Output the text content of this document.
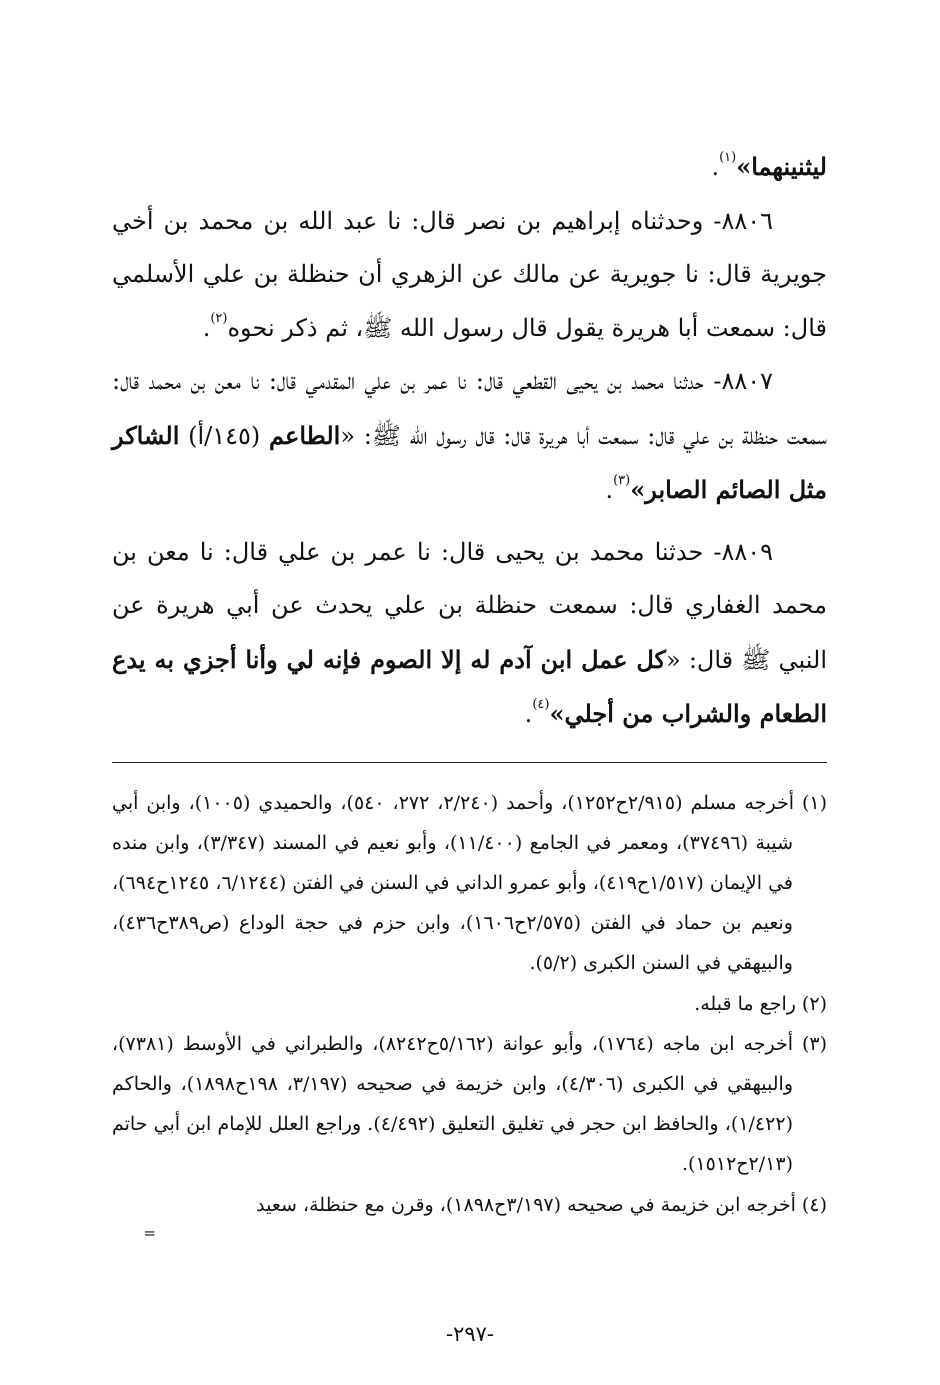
ليثنينهما»$^{(١)}$.

٨٨٠٦- وحدثناه إبراهيم بن نصر قال: نا عبد الله بن محمد بن أخي جويرية قال: نا جويرية عن مالك عن الزهري أن حنظلة بن علي الأسلمي قال: سمعت أبا هريرة يقول قال رسول الله ﷺ، ثم ذكر نحوه$^{(٢)}$.

٨٨٠٧- حدثنا محمد بن يحيى القطعي قال: نا عمر بن علي المقدمي قال: نا معن بن محمد قال: سمعت حنظلة بن علي قال: سمعت أبا هريرة قال: قال رسول الله ﷺ: «الطاعم (١٤٥/أ) الشاكر مثل الصائم الصابر»$^{(٣)}$.

٨٨٠٩- حدثنا محمد بن يحيى قال: نا عمر بن علي قال: نا معن بن محمد الغفاري قال: سمعت حنظلة بن علي يحدث عن أبي هريرة عن النبي ﷺ قال: «كل عمل ابن آدم له إلا الصوم فإنه لي وأنا أجزي به يدع الطعام والشراب من أجلي»$^{(٤)}$.

(١) أخرجه مسلم (٢/٩١٥ح١٢٥٢)، وأحمد (٢/٢٤٠، ٢٧٢، ٥٤٠)، والحميدي (١٠٠٥)، وابن أبي شيبة (٣٧٤٩٦)، ومعمر في الجامع (١١/٤٠٠)، وأبو نعيم في المسند (٣/٣٤٧)، وابن منده في الإيمان (١/٥١٧ح٤١٩)، وأبو عمرو الداني في السنن في الفتن (٦/١٢٤٤، ١٢٤٥ح٦٩٤)، ونعيم بن حماد في الفتن (٢/٥٧٥ح١٦٠٦)، وابن حزم في حجة الوداع (ص٣٨٩ح٤٣٦)، والبيهقي في السنن الكبرى (٥/٢).
(٢) راجع ما قبله.
(٣) أخرجه ابن ماجه (١٧٦٤)، وأبو عوانة (٥/١٦٢ح٨٢٤٢)، والطبراني في الأوسط (٧٣٨١)، والبيهقي في الكبرى (٤/٣٠٦)، وابن خزيمة في صحيحه (٣/١٩٧، ١٩٨ح١٨٩٨)، والحاكم (١/٤٢٢)، والحافظ ابن حجر في تغليق التعليق (٤/٤٩٢). وراجع العلل للإمام ابن أبي حاتم (٢/١٣ح١٥١٢).
(٤) أخرجه ابن خزيمة في صحيحه (٣/١٩٧ح١٨٩٨)، وقرن مع حنظلة، سعيد
=
-٢٩٧-
